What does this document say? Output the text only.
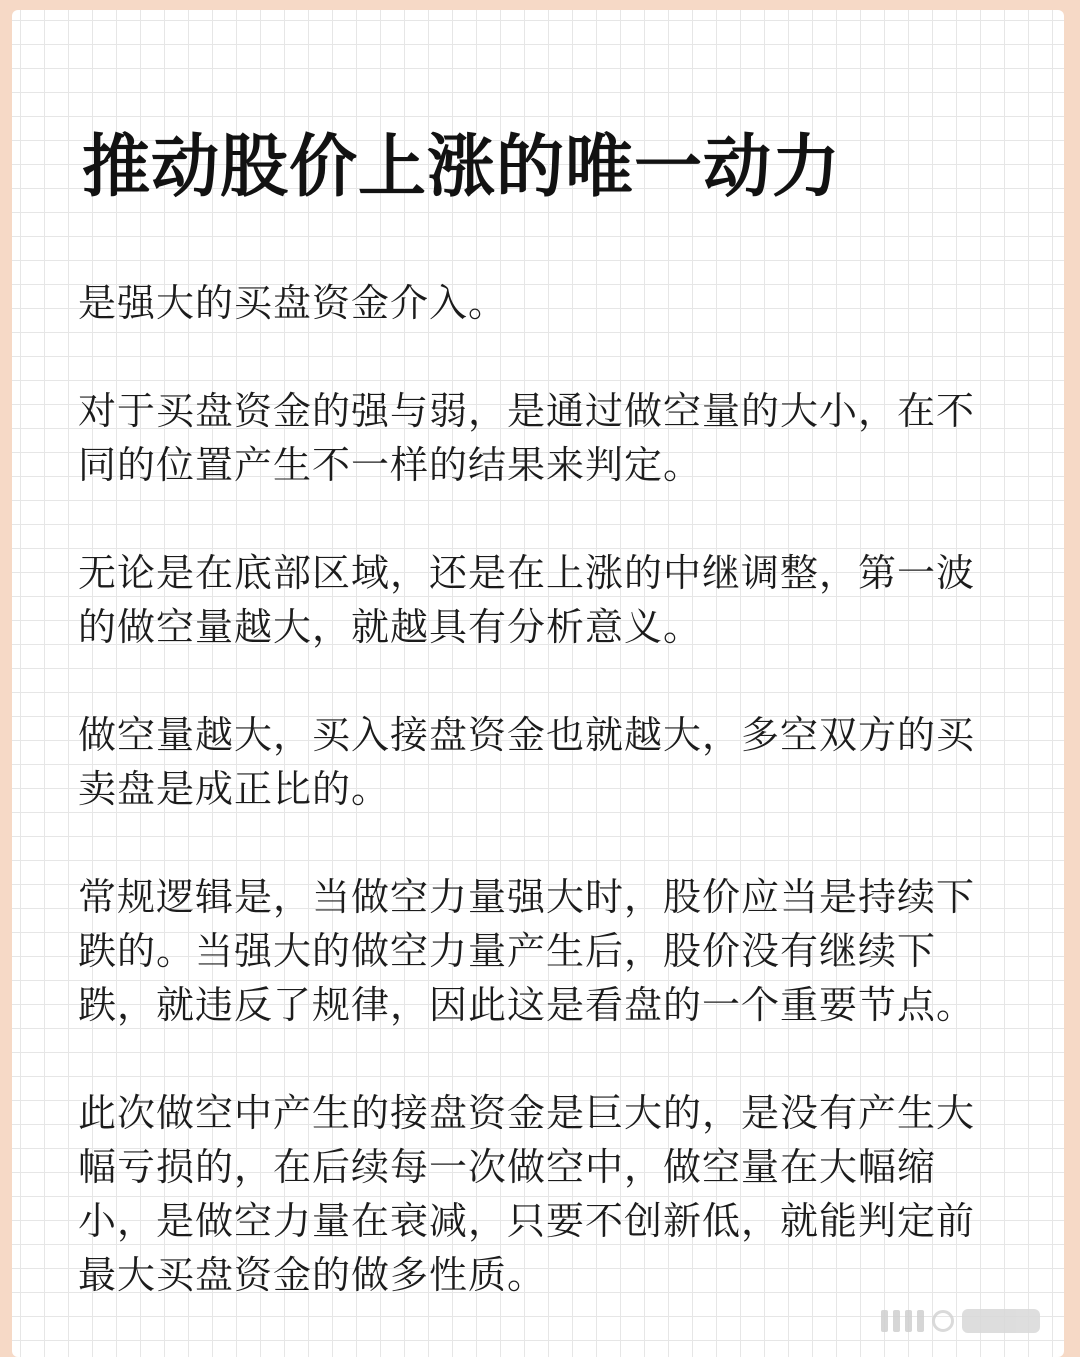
推动股价上涨的唯一动力

是强大的买盘资金介入。

对于买盘资金的强与弱，是通过做空量的大小，在不
同的位置产生不一样的结果来判定。

无论是在底部区域，还是在上涨的中继调整，第一波
的做空量越大，就越具有分析意义。

做空量越大，买入接盘资金也就越大，多空双方的买
卖盘是成正比的。

常规逻辑是，当做空力量强大时，股价应当是持续下
跌的。当强大的做空力量产生后，股价没有继续下
跌，就违反了规律，因此这是看盘的一个重要节点。

此次做空中产生的接盘资金是巨大的，是没有产生大
幅亏损的，在后续每一次做空中，做空量在大幅缩
小，是做空力量在衰减，只要不创新低，就能判定前
最大买盘资金的做多性质。
